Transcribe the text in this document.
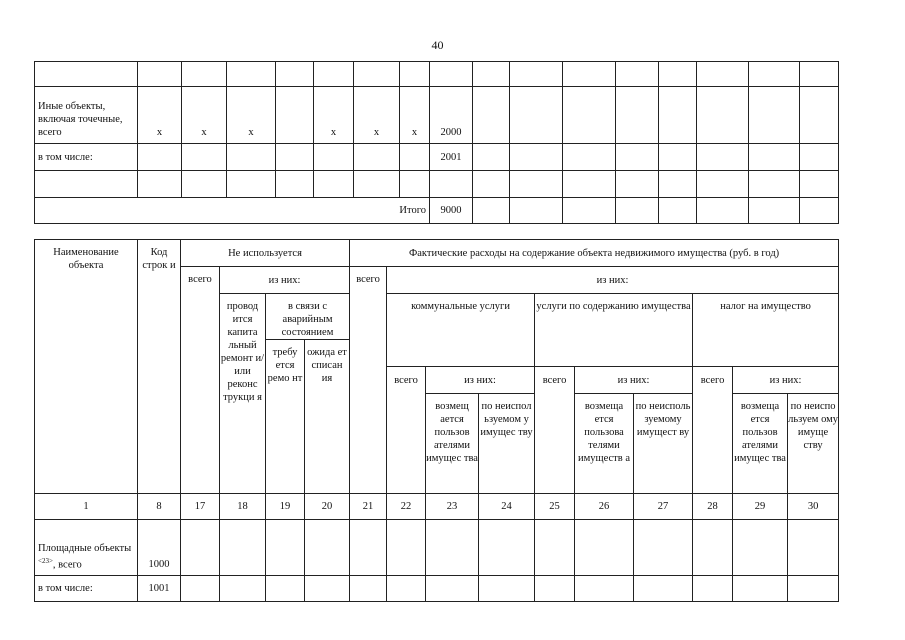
40

Иные объекты, включая точечные, всего	x	x	x		x	x	x	2000								
в том числе:								2001								

Итого								9000								
Наименование объекта	Код строк и	Не используется				Фактические расходы на содержание объекта недвижимого имущества (руб. в год)									
		всего	из них:			всего	из них:								
			провод ится капита льный ремонт и/или реконс трукци я	в связи с аварийным состоянием			коммунальные услуги			услуги по содержанию имущества			налог на имущество		
				требу ется ремо нт	ожида ет списан ия										
							всего	из них:		всего	из них:		всего	из них:	
								возмещ ается пользов ателями имущес тва	по неиспол ьзуемом у имущес тву		возмеща ется пользова телями имуществ а	по неисполь зуемому имущест ву		возмеща ется пользов ателями имущес тва	по неиспо льзуем ому имуще ству
1	8	17	18	19	20	21	22	23	24	25	26	27	28	29	30
Площадные объекты $^{<23>}$, всего	1000														
в том числе:	1001														
